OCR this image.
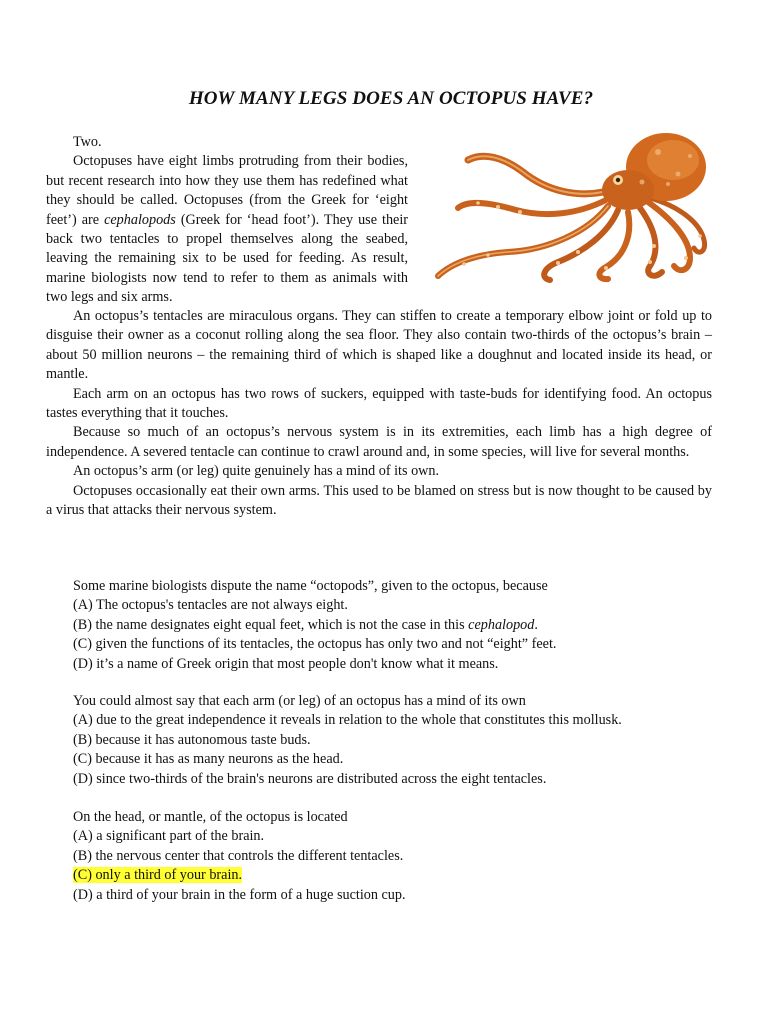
HOW MANY LEGS DOES AN OCTOPUS HAVE?

Two.

Octopuses have eight limbs protruding from their bodies, but recent research into how they use them has redefined what they should be called. Octopuses (from the Greek for ‘eight feet’) are cephalopods (Greek for ‘head foot’). They use their back two tentacles to propel themselves along the seabed, leaving the remaining six to be used for feeding. As result, marine biologists now tend to refer to them as animals with two legs and six arms.

An octopus’s tentacles are miraculous organs. They can stiffen to create a temporary elbow joint or fold up to disguise their owner as a coconut rolling along the sea floor. They also contain two-thirds of the octopus’s brain – about 50 million neurons – the remaining third of which is shaped like a doughnut and located inside its head, or mantle.

Each arm on an octopus has two rows of suckers, equipped with taste-buds for identifying food. An octopus tastes everything that it touches.

Because so much of an octopus’s nervous system is in its extremities, each limb has a high degree of independence. A severed tentacle can continue to crawl around and, in some species, will live for several months.

An octopus’s arm (or leg) quite genuinely has a mind of its own.

Octopuses occasionally eat their own arms. This used to be blamed on stress but is now thought to be caused by a virus that attacks their nervous system.

Some marine biologists dispute the name “octopods”, given to the octopus, because
(A) The octopus's tentacles are not always eight.
(B) the name designates eight equal feet, which is not the case in this cephalopod.
(C) given the functions of its tentacles, the octopus has only two and not “eight” feet.
(D) it’s a name of Greek origin that most people don't know what it means.
You could almost say that each arm (or leg) of an octopus has a mind of its own
(A) due to the great independence it reveals in relation to the whole that constitutes this mollusk.
(B) because it has autonomous taste buds.
(C) because it has as many neurons as the head.
(D) since two-thirds of the brain's neurons are distributed across the eight tentacles.
On the head, or mantle, of the octopus is located
(A) a significant part of the brain.
(B) the nervous center that controls the different tentacles.
(C) only a third of your brain.
(D) a third of your brain in the form of a huge suction cup.
